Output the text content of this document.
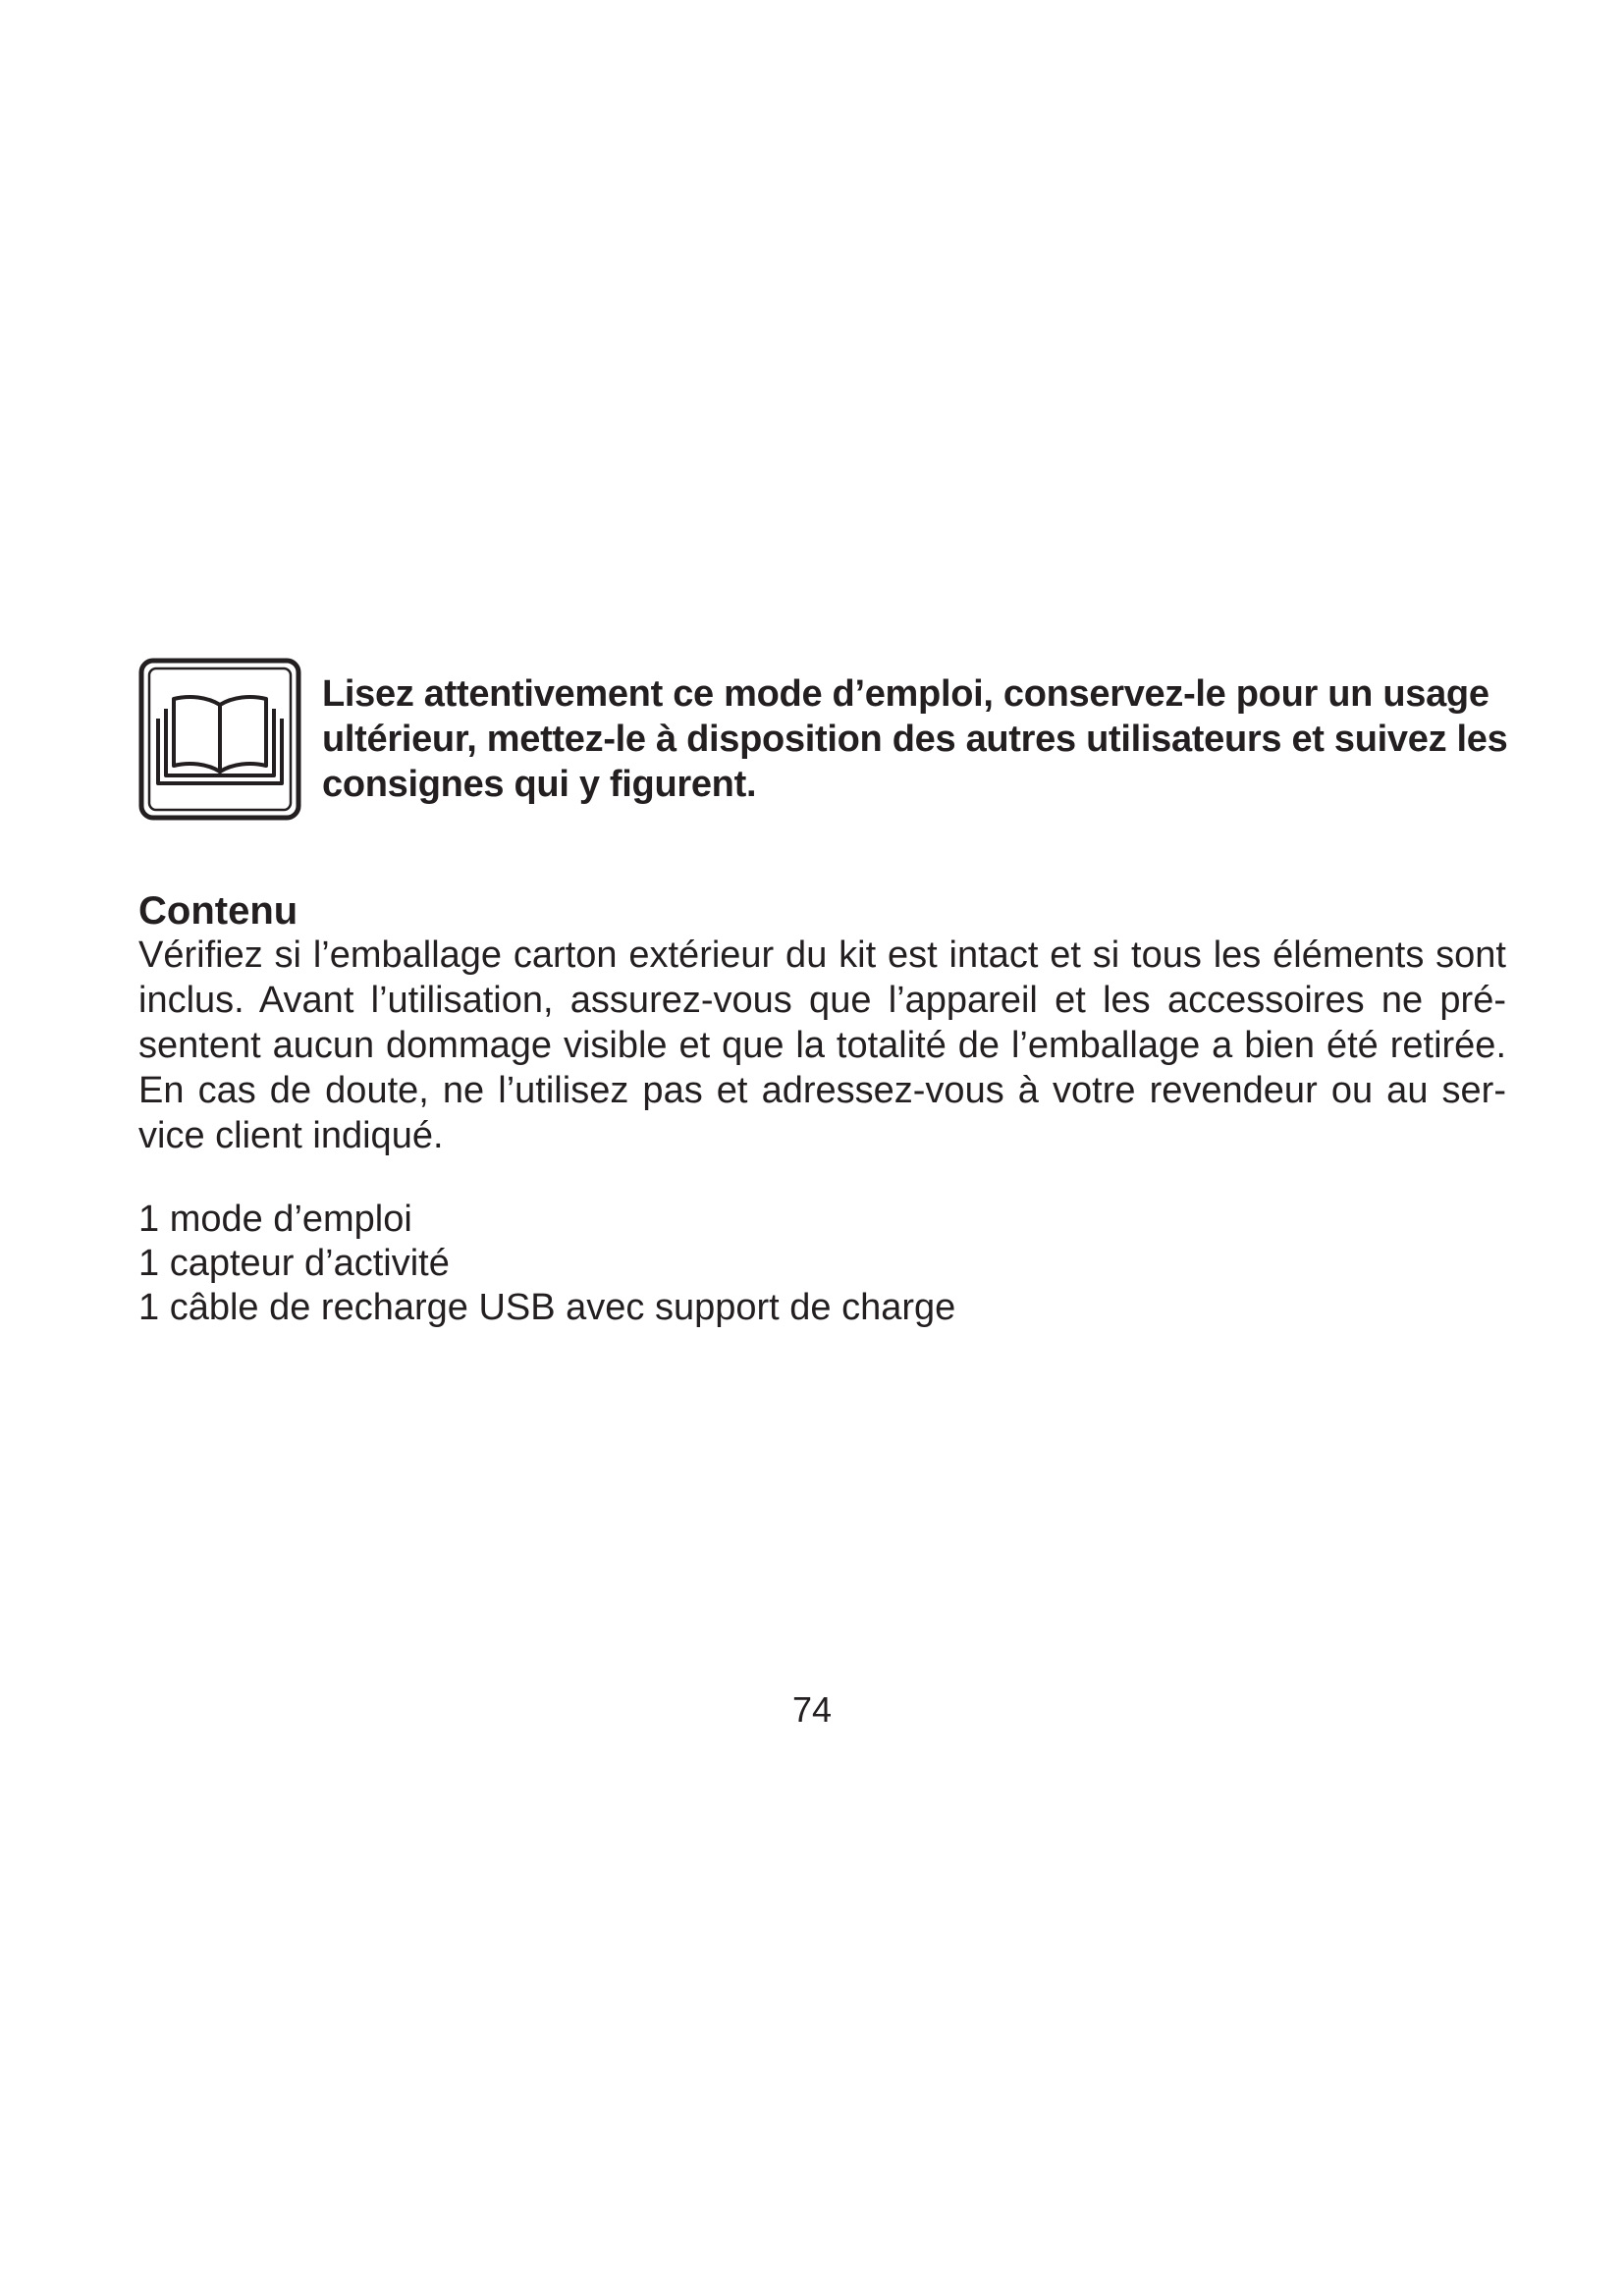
Lisez attentivement ce mode d’emploi, conservez-le pour un usage ultérieur, mettez-le à disposition des autres utilisateurs et suivez les consignes qui y figurent.
Contenu

Vérifiez si l’emballage carton extérieur du kit est intact et si tous les éléments sont inclus. Avant l’utilisation, assurez-vous que l’appareil et les accessoires ne présentent aucun dommage visible et que la totalité de l’emballage a bien été retirée. En cas de doute, ne l’utilisez pas et adressez-vous à votre revendeur ou au service client indiqué.

1 mode d’emploi
1 capteur d’activité
1 câble de recharge USB avec support de charge
74
